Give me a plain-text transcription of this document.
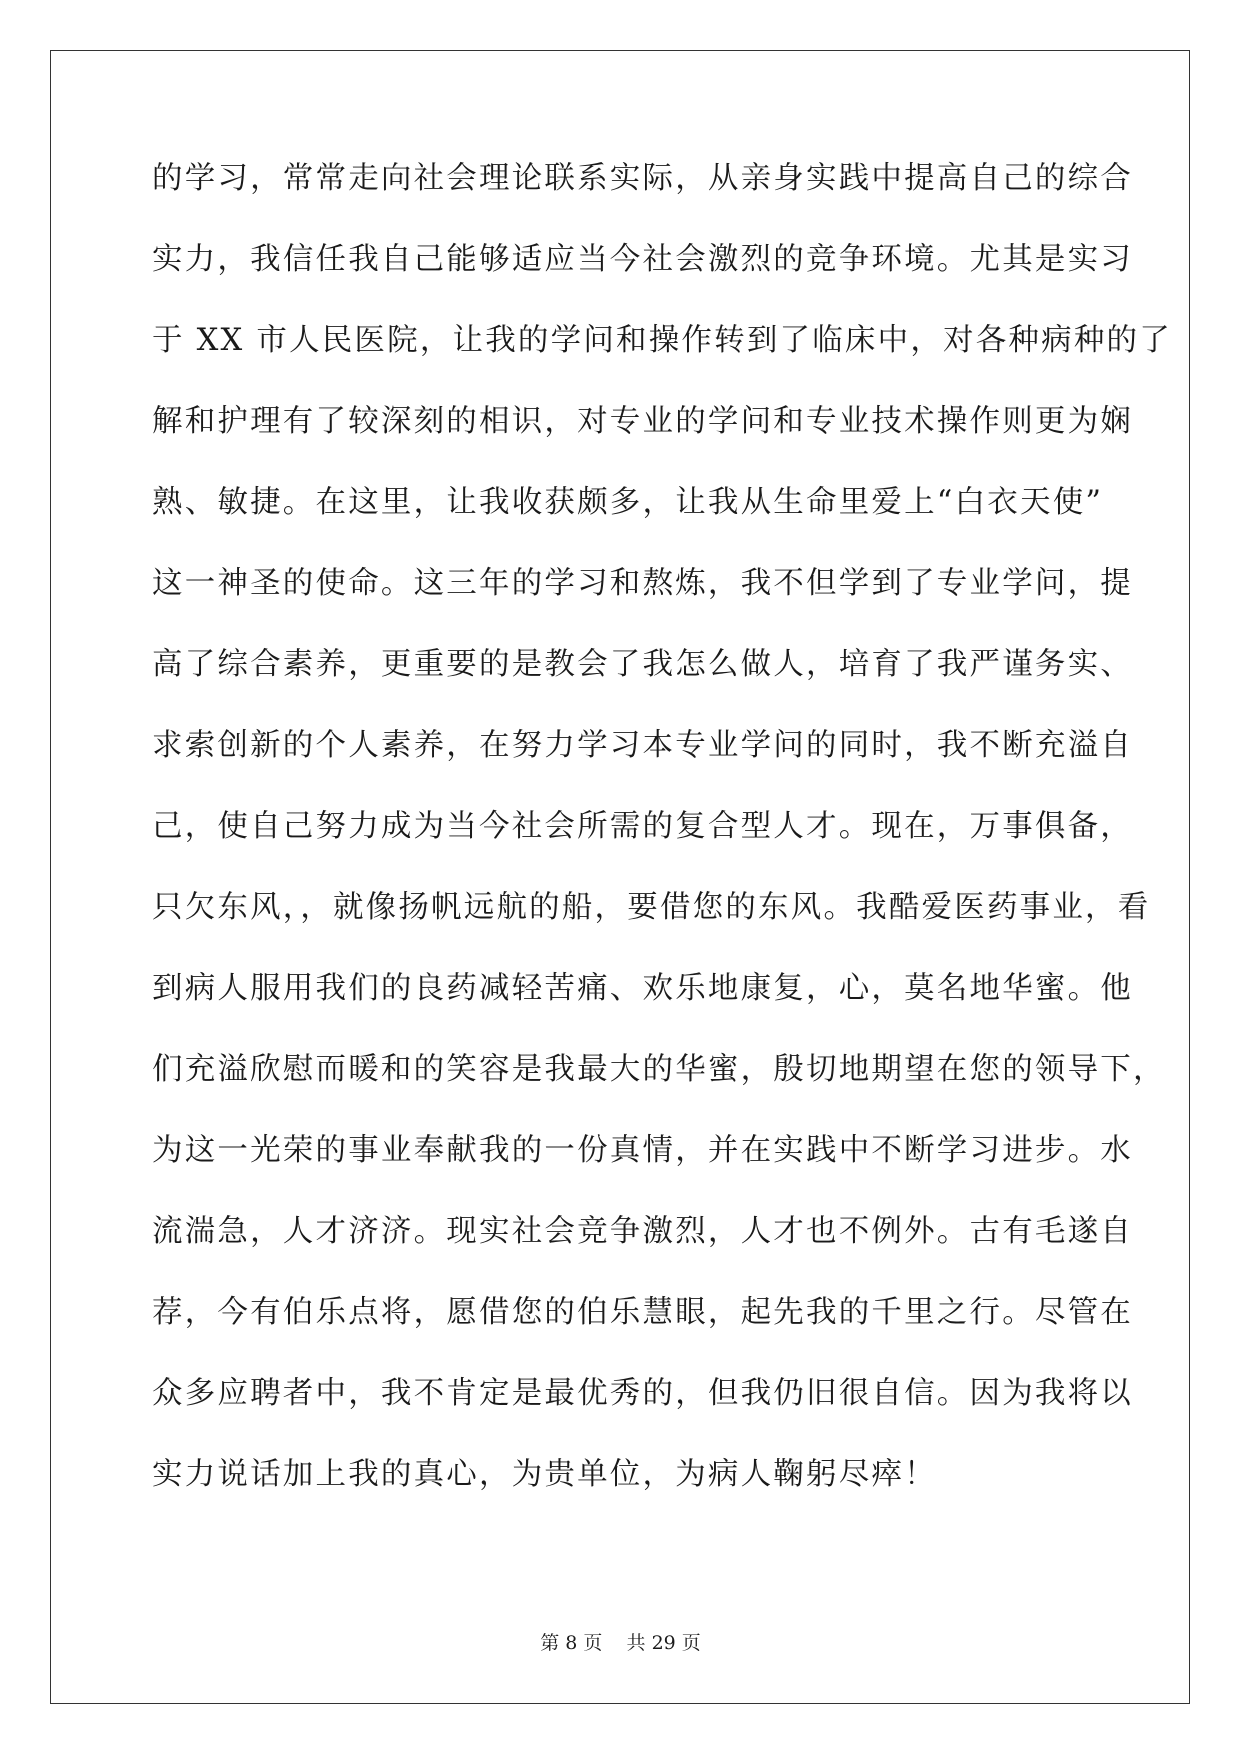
的学习，常常走向社会理论联系实际，从亲身实践中提高自己的综合
实力，我信任我自己能够适应当今社会激烈的竞争环境。尤其是实习
于 XX 市人民医院，让我的学问和操作转到了临床中，对各种病种的了
解和护理有了较深刻的相识，对专业的学问和专业技术操作则更为娴
熟、敏捷。在这里，让我收获颇多，让我从生命里爱上“白衣天使”
这一神圣的使命。这三年的学习和熬炼，我不但学到了专业学问，提
高了综合素养，更重要的是教会了我怎么做人，培育了我严谨务实、
求索创新的个人素养，在努力学习本专业学问的同时，我不断充溢自
己，使自己努力成为当今社会所需的复合型人才。现在，万事俱备，
只欠东风，，就像扬帆远航的船，要借您的东风。我酷爱医药事业，看
到病人服用我们的良药减轻苦痛、欢乐地康复，心，莫名地华蜜。他
们充溢欣慰而暖和的笑容是我最大的华蜜，殷切地期望在您的领导下，
为这一光荣的事业奉献我的一份真情，并在实践中不断学习进步。水
流湍急，人才济济。现实社会竞争激烈，人才也不例外。古有毛遂自
荐，今有伯乐点将，愿借您的伯乐慧眼，起先我的千里之行。尽管在
众多应聘者中，我不肯定是最优秀的，但我仍旧很自信。因为我将以
实力说话加上我的真心，为贵单位，为病人鞠躬尽瘁！
第 8 页    共 29 页
